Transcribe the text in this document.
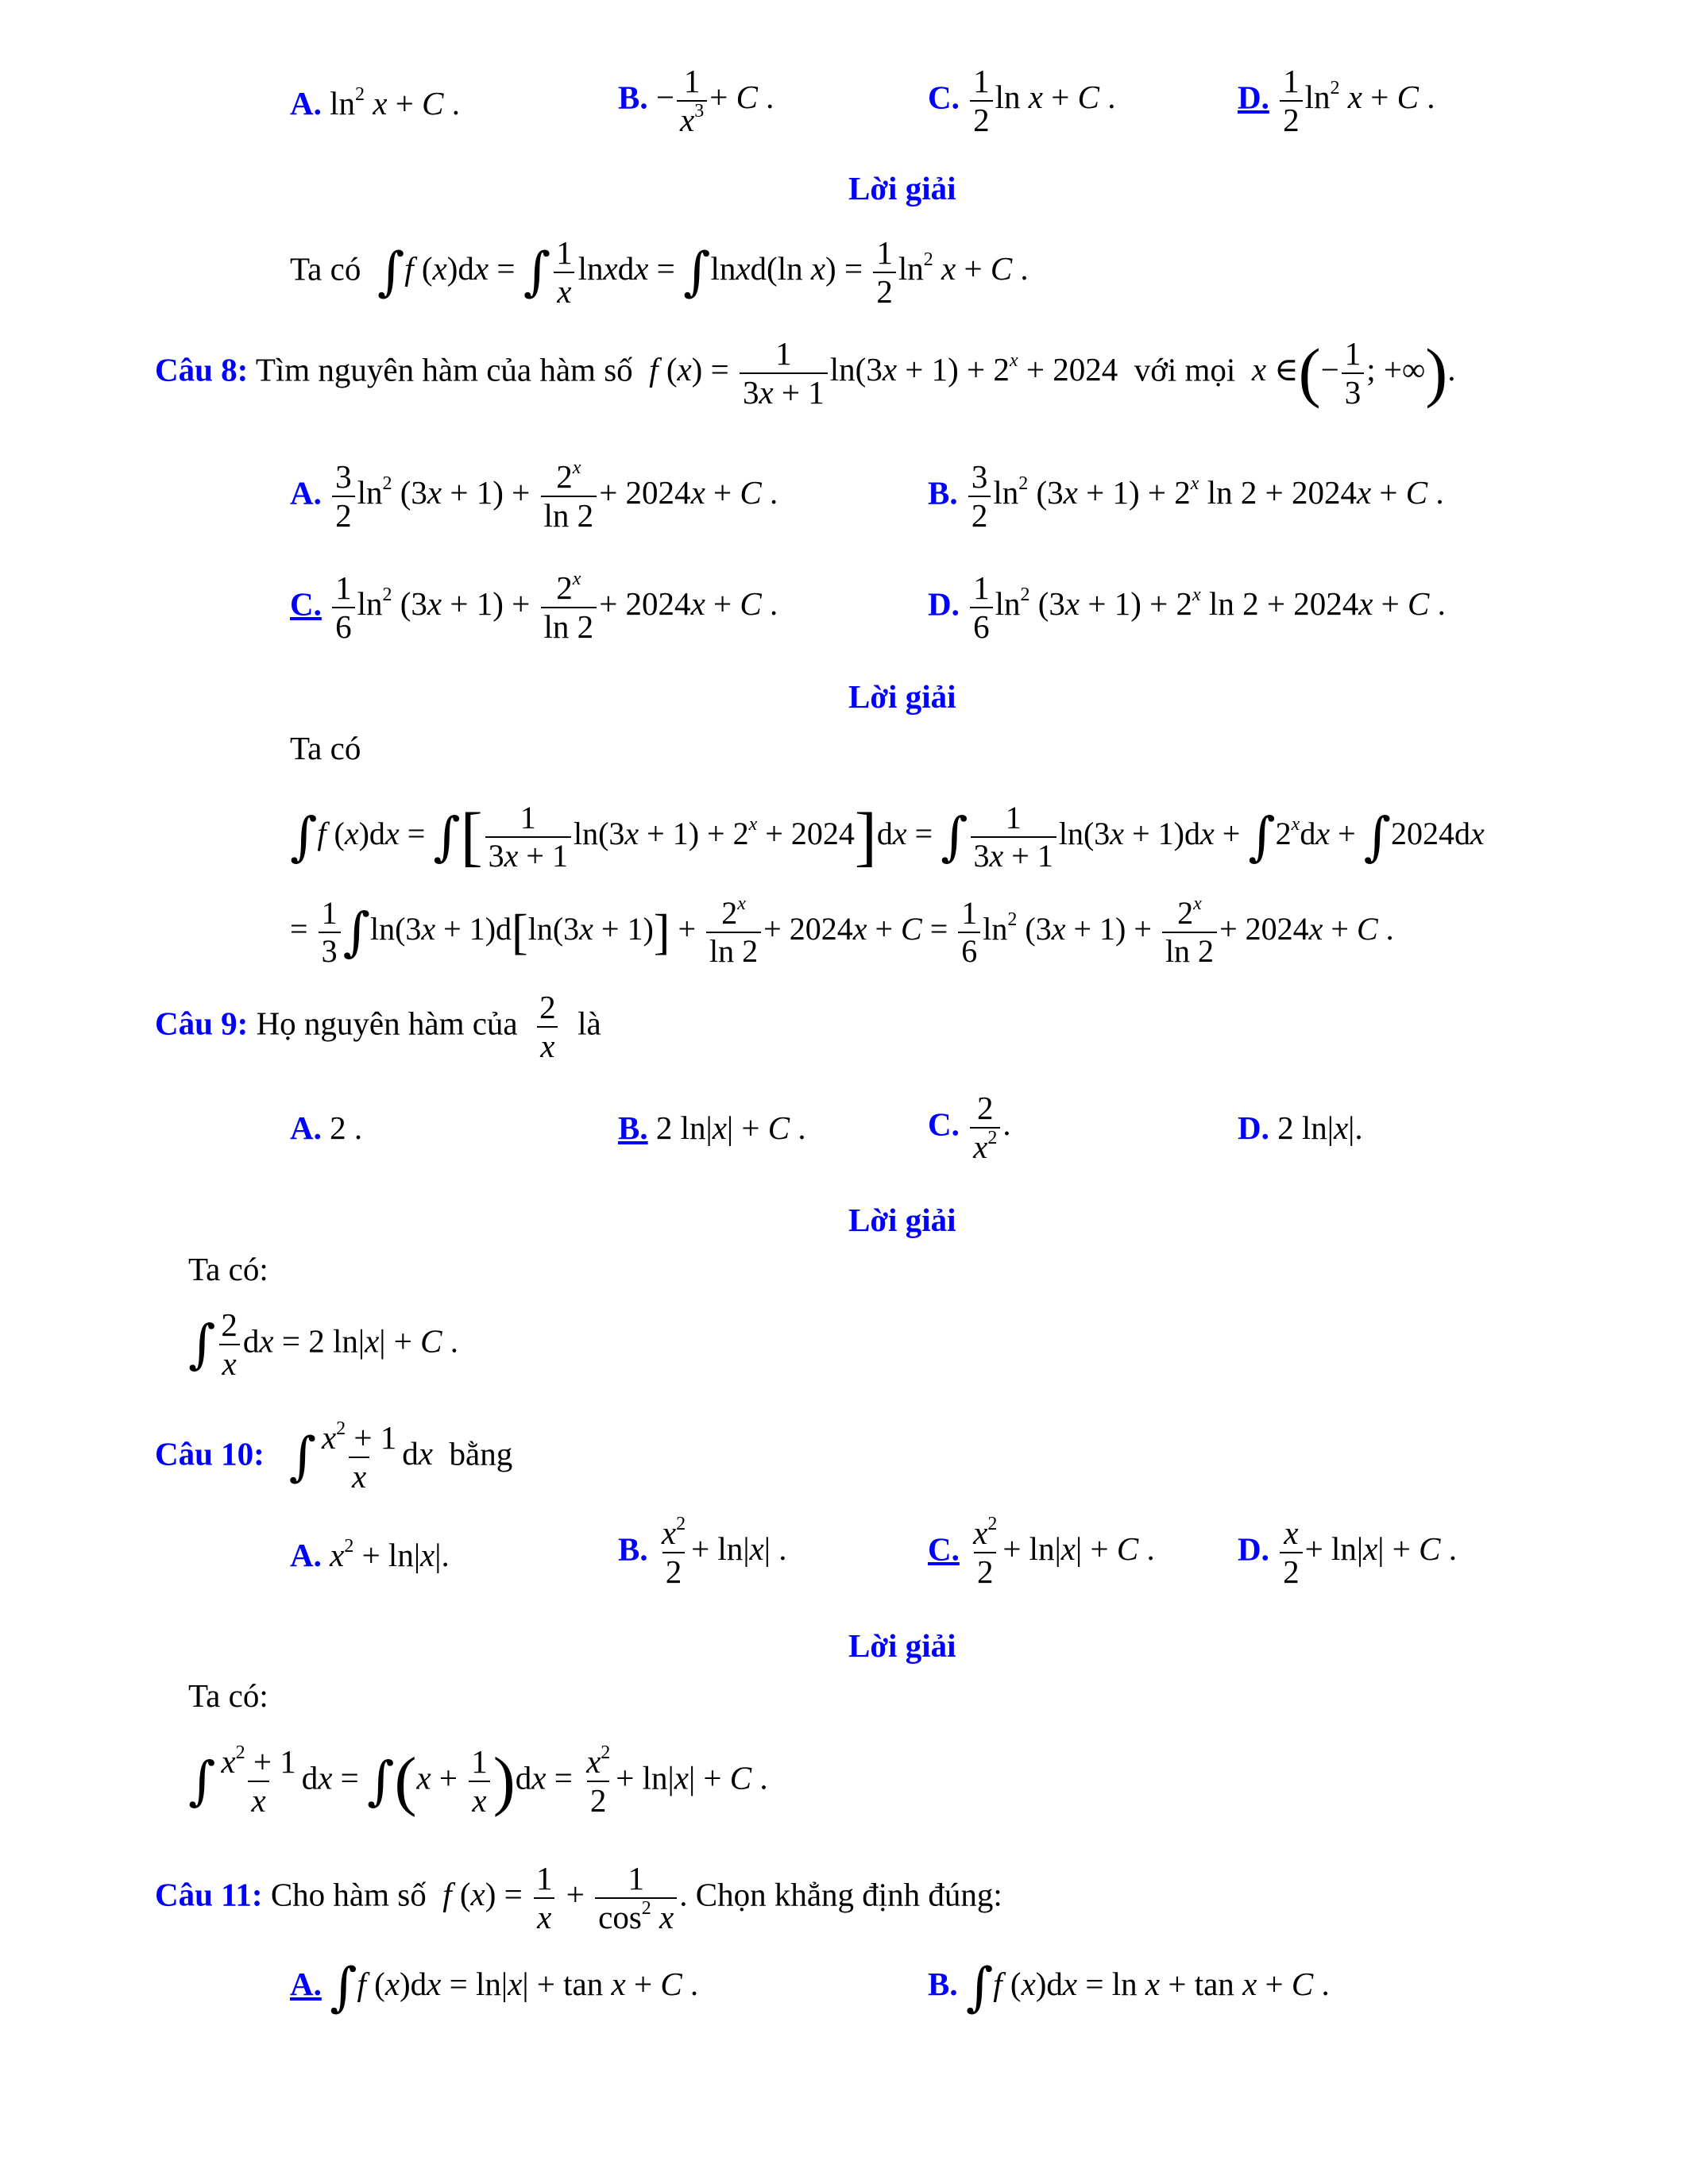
A. $\ln^2 x + C$ .	B. − $\frac{1}{x^3} + C$ .	C. $\frac{1}{2}$ ln x + C .	D. $\frac{1}{2} \ln^2 x + C$ .
Lời giải
Ta có ∫f (x)dx = ∫ $\frac{1}{x}$ lnxdx = ∫lnxd(ln $x) = \frac{1}{2} \ln^2 x + C$ .
Câu 8: Tìm nguyên hàm của hàm số f $(x) = \frac{1}{3x + 1} \ln(3x + 1) + 2^x + 2024$  với mọi x ∈(− $\frac{1}{3}$ ; +∞).
A. $\frac{3}{2} \ln^2 (3x + 1) + \frac{2^x}{\ln 2} + 2024x + C$ .	B. $\frac{3}{2} \ln^2 (3x + 1) + 2^x$ ln 2 + 2024x + C .
C. $\frac{1}{6} \ln^2 (3x + 1) + \frac{2^x}{\ln 2} + 2024x + C$ .	D. $\frac{1}{6} \ln^2 (3x + 1) + 2^x$ ln 2 + 2024x + C .
Lời giải
Ta có
∫f (x)dx = ∫[ $\frac{1}{3x + 1} \ln(3x + 1) + 2^x + 2024]dx$ = ∫ $\frac{1}{3x + 1} \ln(3x + 1)dx + \int 2^xdx + \int 2024dx$
= $\frac{1}{3} \int\ln(3x + 1)d[\ln(3x + 1)] + \frac{2^x}{\ln 2} + 2024x + C = \frac{1}{6} \ln^2 (3x + 1) + \frac{2^x}{\ln 2} + 2024x + C$ .
Câu 9: Họ nguyên hàm của $\frac{2}{x}$ là
A. 2 .	B. 2 ln|x| + C .	C. $\frac{2}{x^2}$ .	D. 2 ln|x|.
Lời giải
Ta có:
∫ $\frac{2}{x}$ dx = 2 ln|x| + C .
Câu 10: ∫ $\frac{x^2 + 1}{x}$ dx bằng
A. $x^2 + \ln|x|$.	B. $\frac{x^2}{2} + \ln|x|$ .	C. $\frac{x^2}{2} + \ln|x| + C$ .	D. $\frac{x}{2} + \ln|x| + C$ .
Lời giải
Ta có:
∫ $\frac{x^2 + 1}{x}$ dx = $\int(x + \frac{1}{x} )dx = \frac{x^2}{2} + \ln|x| + C$ .
Câu 11: Cho hàm số f $(x) = \frac{1}{x} + \frac{1}{\cos^2 x}$ . Chọn khẳng định đúng:
A. ∫f (x)dx = ln|x| + tan x + C .	B. ∫f (x)dx = ln x + tan x + C .
